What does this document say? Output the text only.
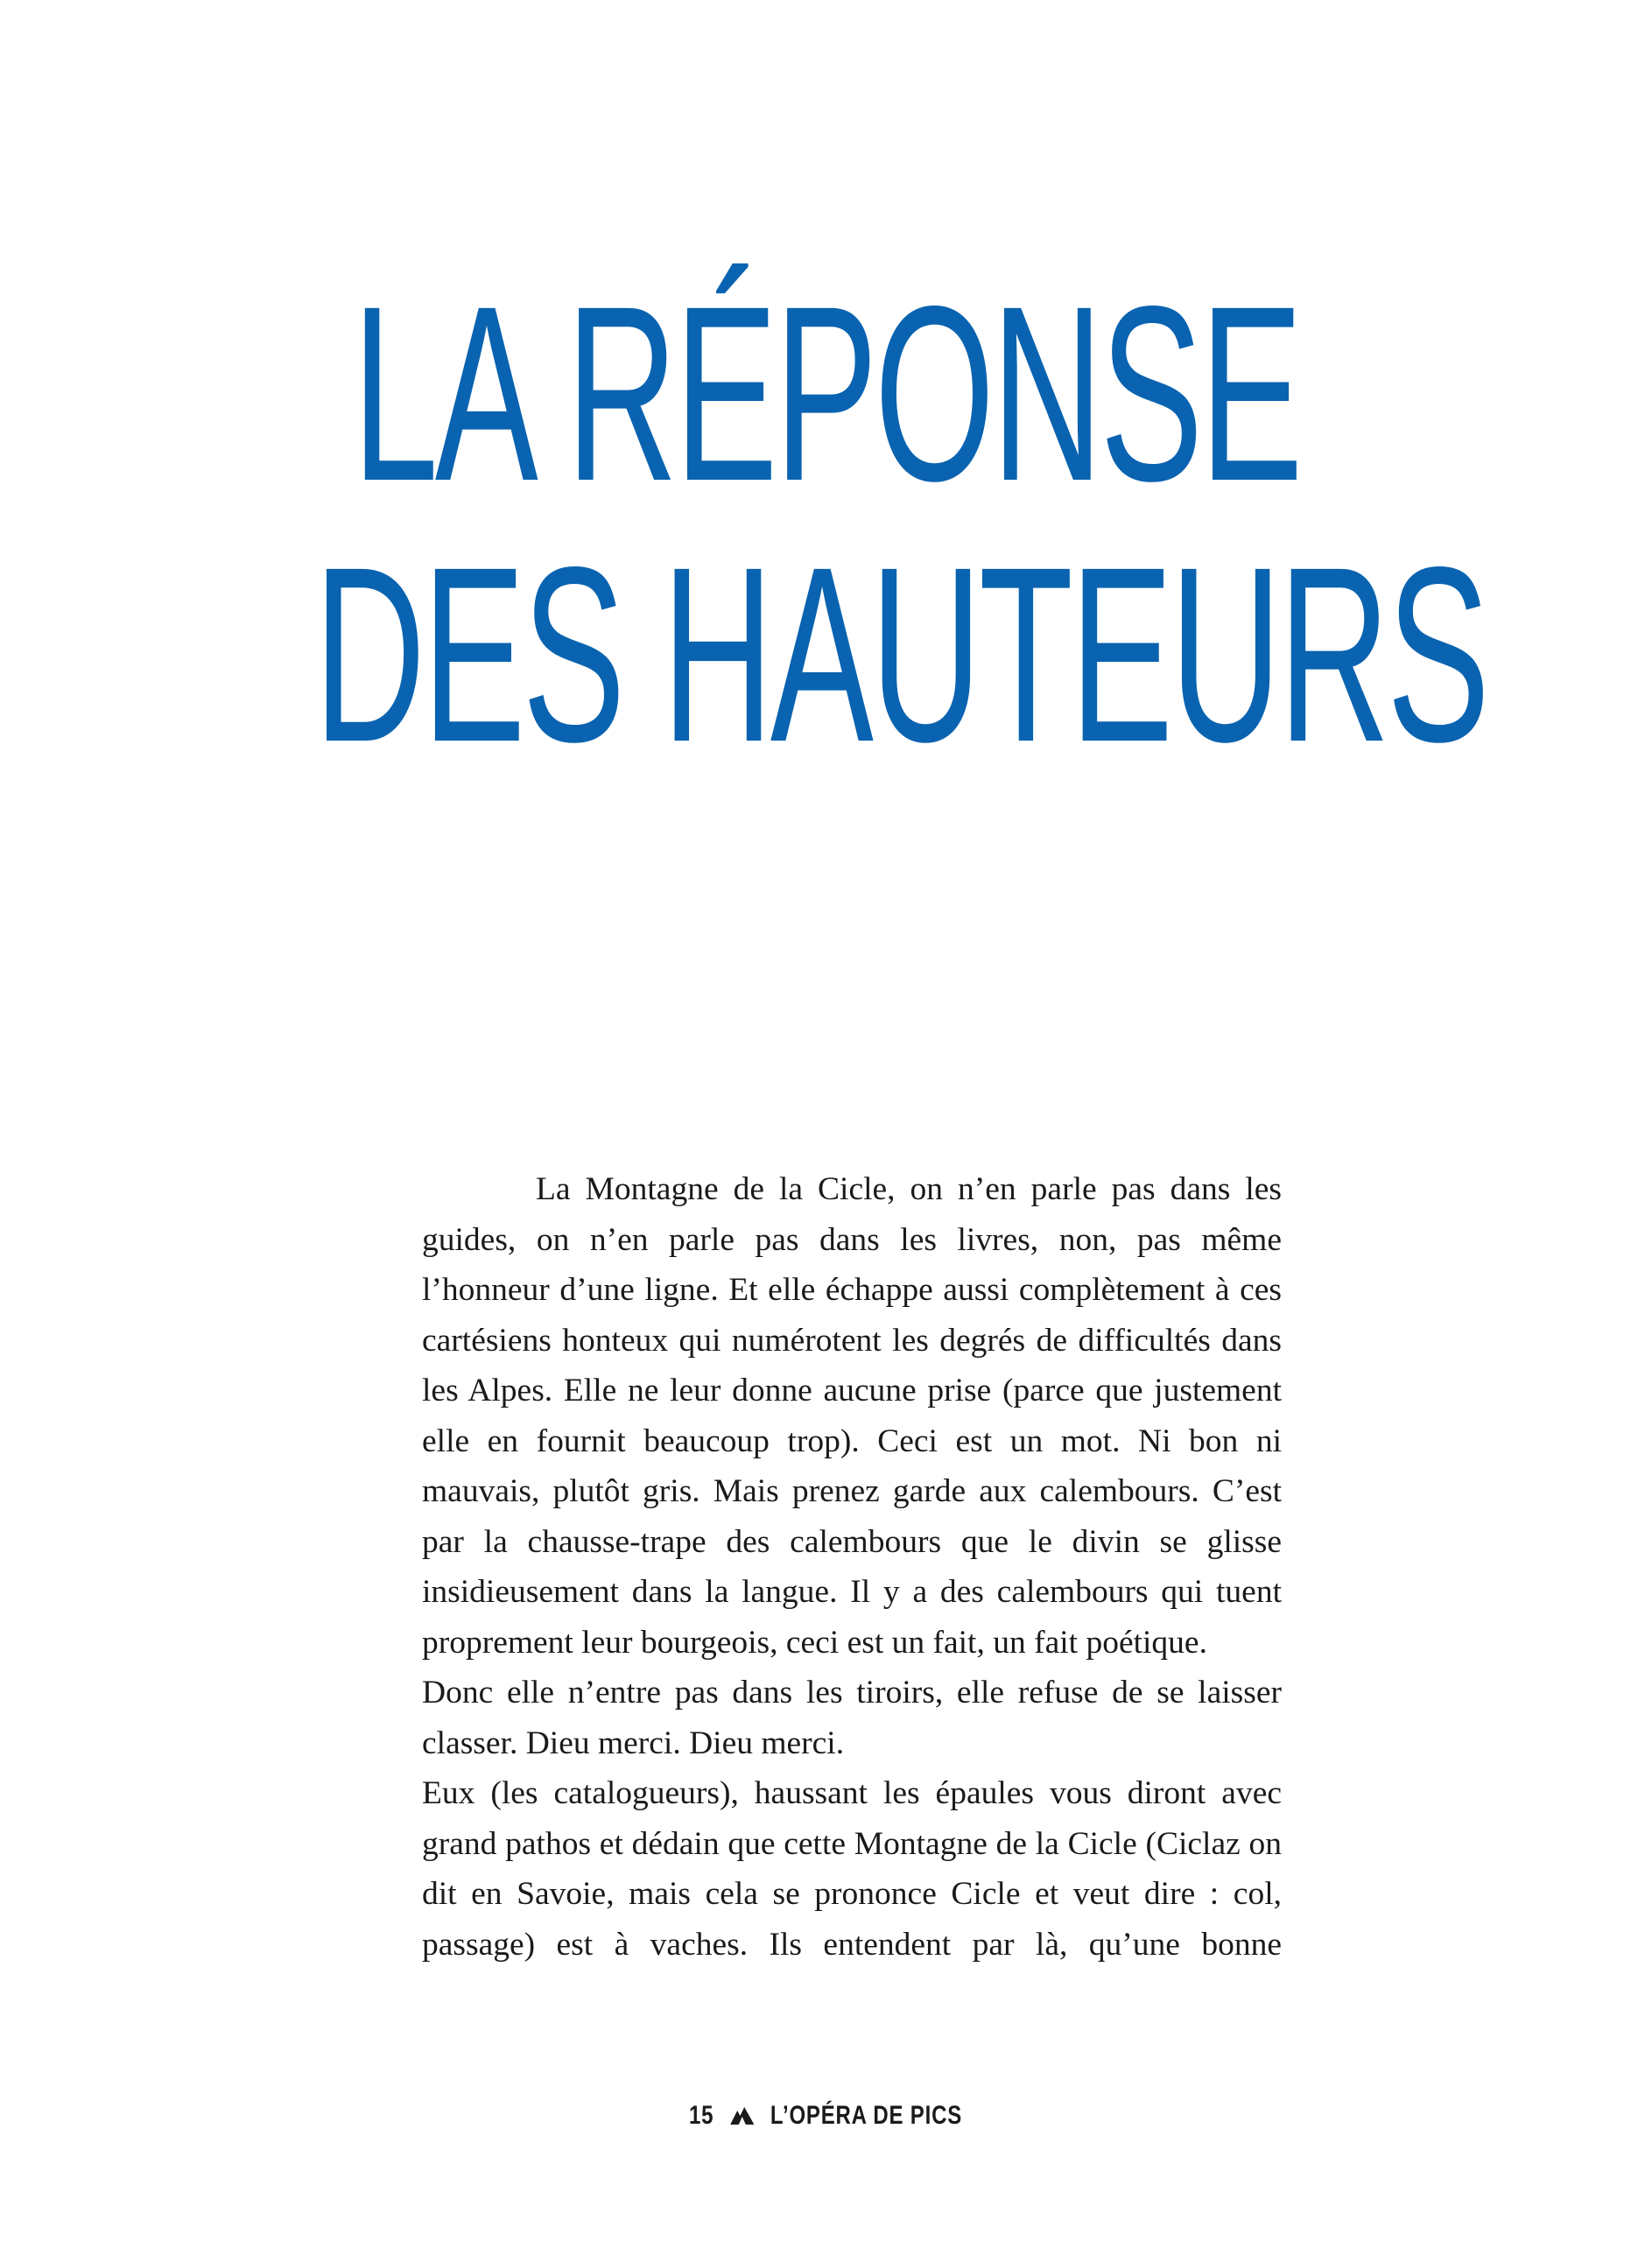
LA RÉPONSE
DES HAUTEURS

La Montagne de la Cicle, on n’en parle pas dans les guides, on n’en parle pas dans les livres, non, pas même l’honneur d’une ligne. Et elle échappe aussi complètement à ces cartésiens honteux qui numérotent les degrés de difficultés dans les Alpes. Elle ne leur donne aucune prise (parce que justement elle en fournit beaucoup trop). Ceci est un mot. Ni bon ni mauvais, plutôt gris. Mais prenez garde aux calembours. C’est par la chausse-trape des calembours que le divin se glisse insidieusement dans la langue. Il y a des calembours qui tuent proprement leur bourgeois, ceci est un fait, un fait poétique.

Donc elle n’entre pas dans les tiroirs, elle refuse de se laisser classer. Dieu merci. Dieu merci.

Eux (les catalogueurs), haussant les épaules vous diront avec grand pathos et dédain que cette Montagne de la Cicle (Ciclaz on dit en Savoie, mais cela se prononce Cicle et veut dire : col, passage) est à vaches. Ils entendent par là, qu’une bonne

15 L’OPÉRA DE PICS
